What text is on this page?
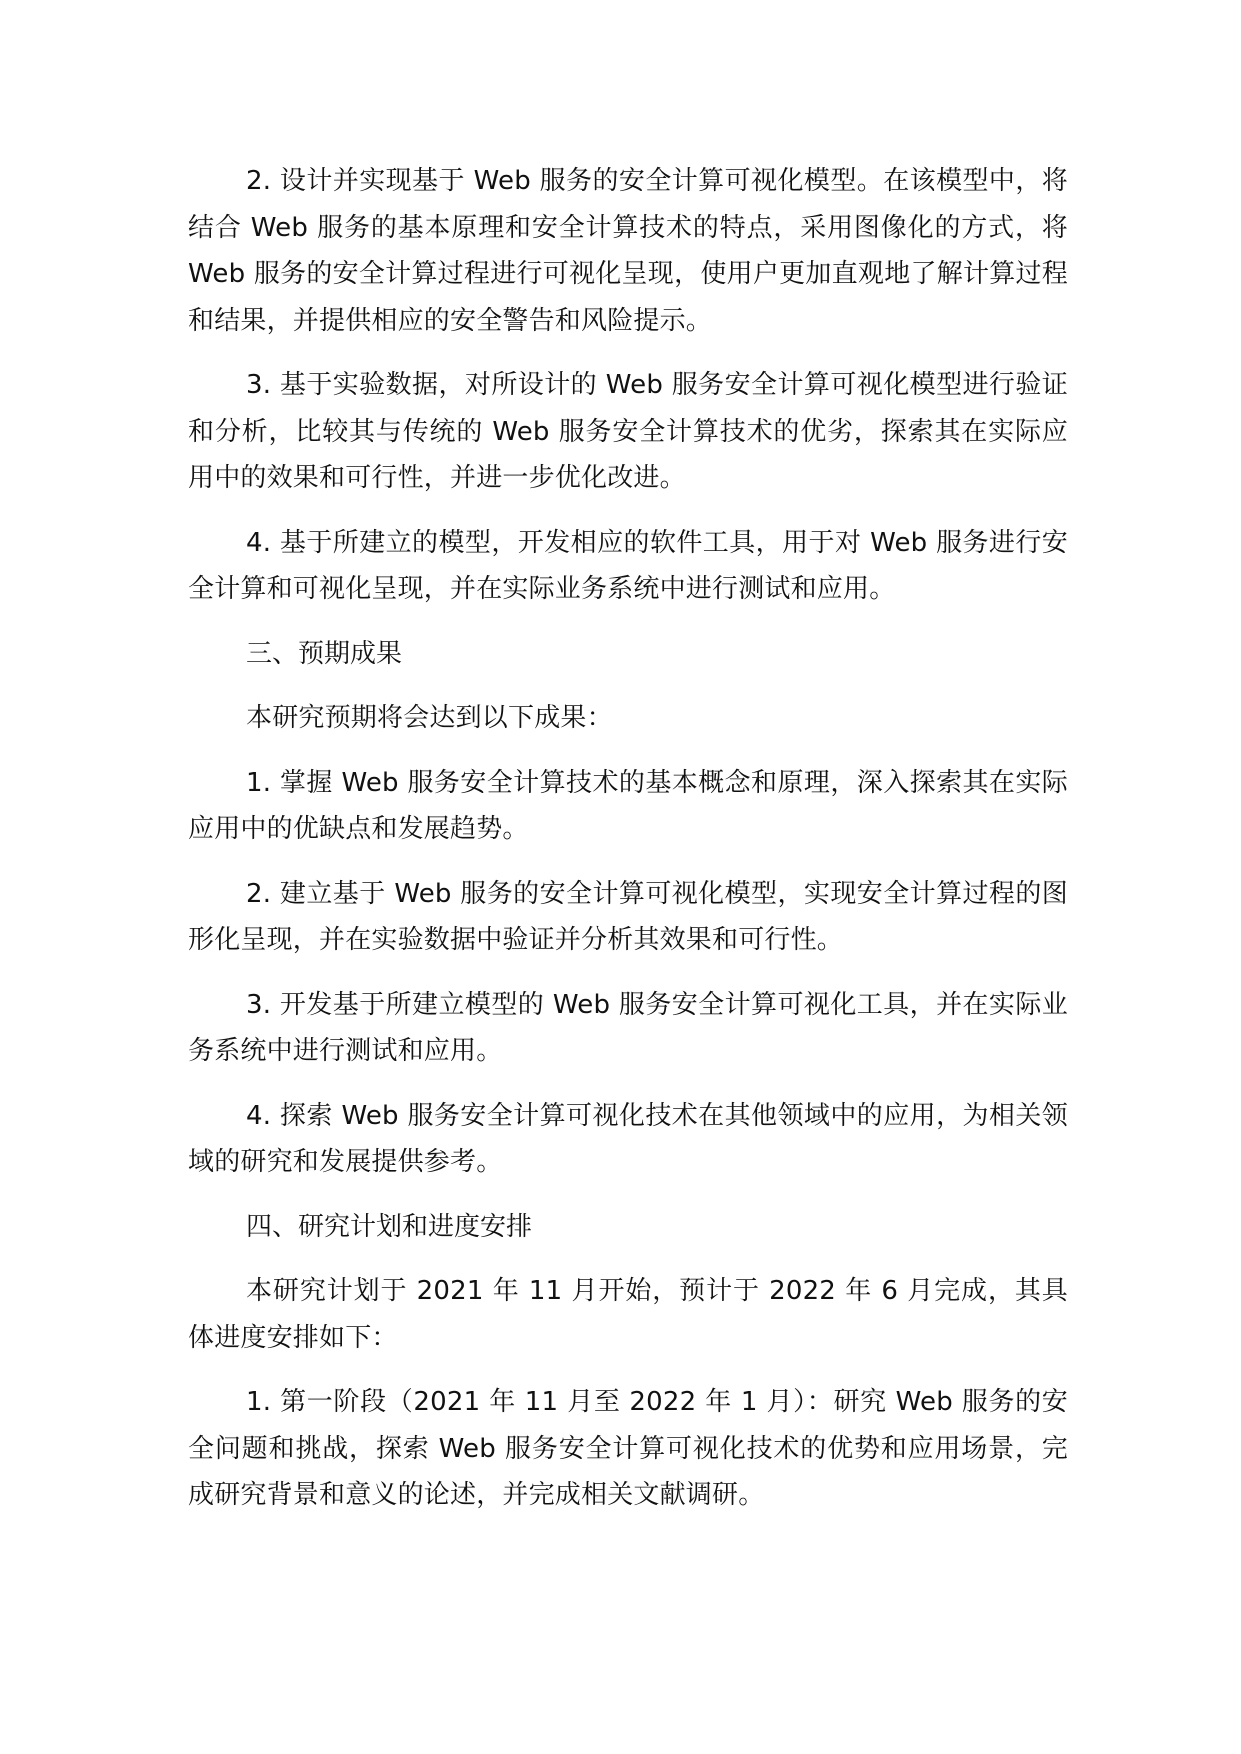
2. 设计并实现基于 Web 服务的安全计算可视化模型。在该模型中，将结合 Web 服务的基本原理和安全计算技术的特点，采用图像化的方式，将 Web 服务的安全计算过程进行可视化呈现，使用户更加直观地了解计算过程和结果，并提供相应的安全警告和风险提示。

3. 基于实验数据，对所设计的 Web 服务安全计算可视化模型进行验证和分析，比较其与传统的 Web 服务安全计算技术的优劣，探索其在实际应用中的效果和可行性，并进一步优化改进。

4. 基于所建立的模型，开发相应的软件工具，用于对 Web 服务进行安全计算和可视化呈现，并在实际业务系统中进行测试和应用。

三、预期成果

本研究预期将会达到以下成果：

1. 掌握 Web 服务安全计算技术的基本概念和原理，深入探索其在实际应用中的优缺点和发展趋势。

2. 建立基于 Web 服务的安全计算可视化模型，实现安全计算过程的图形化呈现，并在实验数据中验证并分析其效果和可行性。

3. 开发基于所建立模型的 Web 服务安全计算可视化工具，并在实际业务系统中进行测试和应用。

4. 探索 Web 服务安全计算可视化技术在其他领域中的应用，为相关领域的研究和发展提供参考。

四、研究计划和进度安排

本研究计划于 2021 年 11 月开始，预计于 2022 年 6 月完成，其具体进度安排如下：

1. 第一阶段（2021 年 11 月至 2022 年 1 月）：研究 Web 服务的安全问题和挑战，探索 Web 服务安全计算可视化技术的优势和应用场景，完成研究背景和意义的论述，并完成相关文献调研。
